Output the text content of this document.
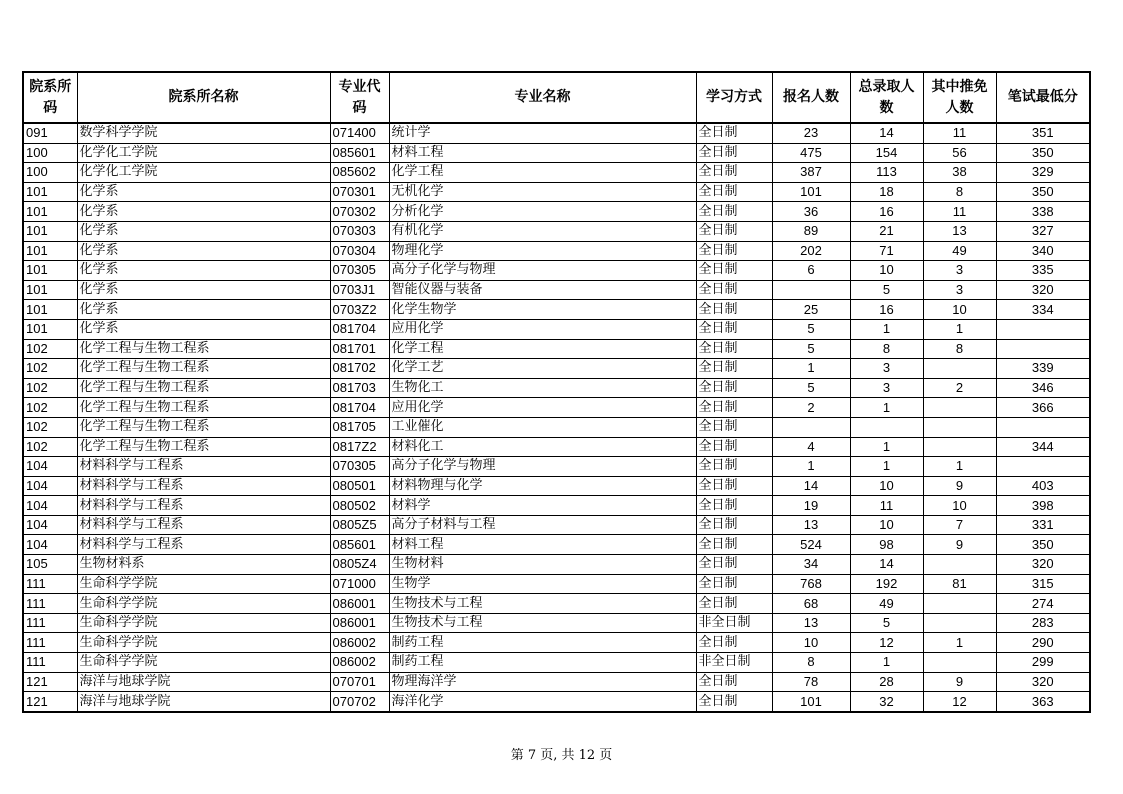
院系所码	院系所名称	专业代码	专业名称	学习方式	报名人数	总录取人数	其中推免人数	笔试最低分
091	数学科学学院	071400	统计学	全日制	23	14	11	351
100	化学化工学院	085601	材料工程	全日制	475	154	56	350
100	化学化工学院	085602	化学工程	全日制	387	113	38	329
101	化学系	070301	无机化学	全日制	101	18	8	350
101	化学系	070302	分析化学	全日制	36	16	11	338
101	化学系	070303	有机化学	全日制	89	21	13	327
101	化学系	070304	物理化学	全日制	202	71	49	340
101	化学系	070305	高分子化学与物理	全日制	6	10	3	335
101	化学系	0703J1	智能仪器与装备	全日制		5	3	320
101	化学系	0703Z2	化学生物学	全日制	25	16	10	334
101	化学系	081704	应用化学	全日制	5	1	1	
102	化学工程与生物工程系	081701	化学工程	全日制	5	8	8	
102	化学工程与生物工程系	081702	化学工艺	全日制	1	3		339
102	化学工程与生物工程系	081703	生物化工	全日制	5	3	2	346
102	化学工程与生物工程系	081704	应用化学	全日制	2	1		366
102	化学工程与生物工程系	081705	工业催化	全日制				
102	化学工程与生物工程系	0817Z2	材料化工	全日制	4	1		344
104	材料科学与工程系	070305	高分子化学与物理	全日制	1	1	1	
104	材料科学与工程系	080501	材料物理与化学	全日制	14	10	9	403
104	材料科学与工程系	080502	材料学	全日制	19	11	10	398
104	材料科学与工程系	0805Z5	高分子材料与工程	全日制	13	10	7	331
104	材料科学与工程系	085601	材料工程	全日制	524	98	9	350
105	生物材料系	0805Z4	生物材料	全日制	34	14		320
111	生命科学学院	071000	生物学	全日制	768	192	81	315
111	生命科学学院	086001	生物技术与工程	全日制	68	49		274
111	生命科学学院	086001	生物技术与工程	非全日制	13	5		283
111	生命科学学院	086002	制药工程	全日制	10	12	1	290
111	生命科学学院	086002	制药工程	非全日制	8	1		299
121	海洋与地球学院	070701	物理海洋学	全日制	78	28	9	320
121	海洋与地球学院	070702	海洋化学	全日制	101	32	12	363
第 7 页, 共 12 页
